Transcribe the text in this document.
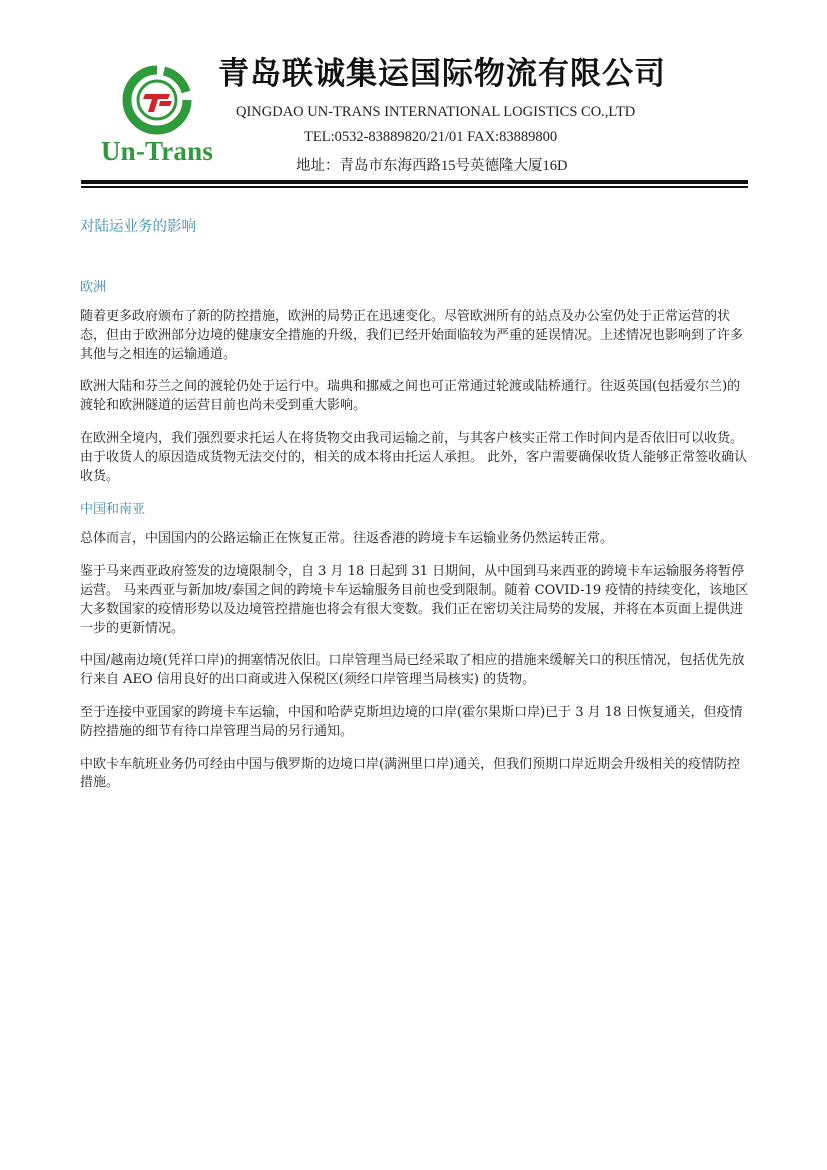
Un-Trans
青岛联诚集运国际物流有限公司
QINGDAO UN-TRANS INTERNATIONAL LOGISTICS CO.,LTD
TEL:0532-83889820/21/01 FAX:83889800
地址：青岛市东海西路15号英德隆大厦16D
对陆运业务的影响
欧洲

随着更多政府颁布了新的防控措施，欧洲的局势正在迅速变化。尽管欧洲所有的站点及办公室仍处于正常运营的状态，但由于欧洲部分边境的健康安全措施的升级，我们已经开始面临较为严重的延误情况。上述情况也影响到了许多其他与之相连的运输通道。

欧洲大陆和芬兰之间的渡轮仍处于运行中。瑞典和挪威之间也可正常通过轮渡或陆桥通行。往返英国(包括爱尔兰)的渡轮和欧洲隧道的运营目前也尚未受到重大影响。

在欧洲全境内，我们强烈要求托运人在将货物交由我司运输之前，与其客户核实正常工作时间内是否依旧可以收货。 由于收货人的原因造成货物无法交付的，相关的成本将由托运人承担。 此外，客户需要确保收货人能够正常签收确认收货。

中国和南亚

总体而言，中国国内的公路运输正在恢复正常。往返香港的跨境卡车运输业务仍然运转正常。

鉴于马来西亚政府签发的边境限制令，自 3 月 18 日起到 31 日期间，从中国到马来西亚的跨境卡车运输服务将暂停运营。 马来西亚与新加坡/泰国之间的跨境卡车运输服务目前也受到限制。随着 COVID-19 疫情的持续变化，该地区大多数国家的疫情形势以及边境管控措施也将会有很大变数。我们正在密切关注局势的发展，并将在本页面上提供进一步的更新情况。

中国/越南边境(凭祥口岸)的拥塞情况依旧。口岸管理当局已经采取了相应的措施来缓解关口的积压情况，包括优先放行来自 AEO 信用良好的出口商或进入保税区(须经口岸管理当局核实) 的货物。

至于连接中亚国家的跨境卡车运输，中国和哈萨克斯坦边境的口岸(霍尔果斯口岸)已于 3 月 18 日恢复通关，但疫情防控措施的细节有待口岸管理当局的另行通知。

中欧卡车航班业务仍可经由中国与俄罗斯的边境口岸(满洲里口岸)通关，但我们预期口岸近期会升级相关的疫情防控措施。
